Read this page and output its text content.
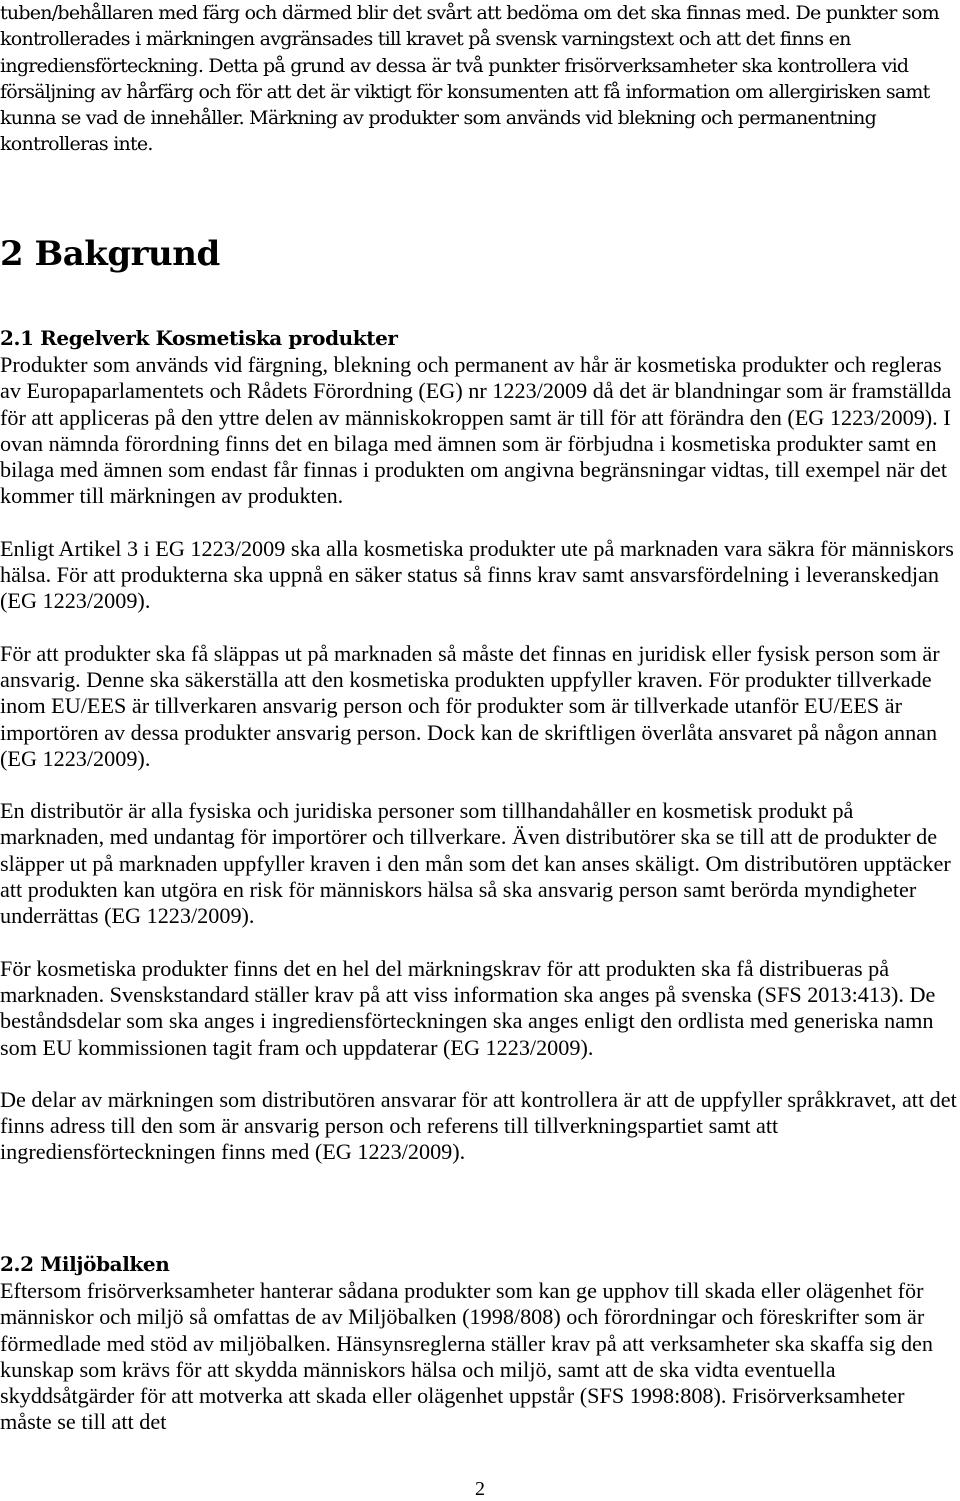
tuben/behållaren med färg och därmed blir det svårt att bedöma om det ska finnas med. De punkter som kontrollerades i märkningen avgränsades till kravet på svensk varningstext och att det finns en ingrediensförteckning. Detta på grund av dessa är två punkter frisörverksamheter ska kontrollera vid försäljning av hårfärg och för att det är viktigt för konsumenten att få information om allergirisken samt kunna se vad de innehåller. Märkning av produkter som används vid blekning och permanentning kontrolleras inte.

2 Bakgrund
2.1 Regelverk Kosmetiska produkter

Produkter som används vid färgning, blekning och permanent av hår är kosmetiska produkter och regleras av Europaparlamentets och Rådets Förordning (EG) nr 1223/2009 då det är blandningar som är framställda för att appliceras på den yttre delen av människokroppen samt är till för att förändra den (EG 1223/2009). I ovan nämnda förordning finns det en bilaga med ämnen som är förbjudna i kosmetiska produkter samt en bilaga med ämnen som endast får finnas i produkten om angivna begränsningar vidtas, till exempel när det kommer till märkningen av produkten.

Enligt Artikel 3 i EG 1223/2009 ska alla kosmetiska produkter ute på marknaden vara säkra för människors hälsa. För att produkterna ska uppnå en säker status så finns krav samt ansvarsfördelning i leveranskedjan (EG 1223/2009).

För att produkter ska få släppas ut på marknaden så måste det finnas en juridisk eller fysisk person som är ansvarig. Denne ska säkerställa att den kosmetiska produkten uppfyller kraven. För produkter tillverkade inom EU/EES är tillverkaren ansvarig person och för produkter som är tillverkade utanför EU/EES är importören av dessa produkter ansvarig person. Dock kan de skriftligen överlåta ansvaret på någon annan (EG 1223/2009).

En distributör är alla fysiska och juridiska personer som tillhandahåller en kosmetisk produkt på marknaden, med undantag för importörer och tillverkare. Även distributörer ska se till att de produkter de släpper ut på marknaden uppfyller kraven i den mån som det kan anses skäligt. Om distributören upptäcker att produkten kan utgöra en risk för människors hälsa så ska ansvarig person samt berörda myndigheter underrättas (EG 1223/2009).

För kosmetiska produkter finns det en hel del märkningskrav för att produkten ska få distribueras på marknaden. Svenskstandard ställer krav på att viss information ska anges på svenska (SFS 2013:413). De beståndsdelar som ska anges i ingrediensförteckningen ska anges enligt den ordlista med generiska namn som EU kommissionen tagit fram och uppdaterar (EG 1223/2009).

De delar av märkningen som distributören ansvarar för att kontrollera är att de uppfyller språkkravet, att det finns adress till den som är ansvarig person och referens till tillverkningspartiet samt att ingrediensförteckningen finns med (EG 1223/2009).

2.2 Miljöbalken

Eftersom frisörverksamheter hanterar sådana produkter som kan ge upphov till skada eller olägenhet för människor och miljö så omfattas de av Miljöbalken (1998/808) och förordningar och föreskrifter som är förmedlade med stöd av miljöbalken. Hänsynsreglerna ställer krav på att verksamheter ska skaffa sig den kunskap som krävs för att skydda människors hälsa och miljö, samt att de ska vidta eventuella skyddsåtgärder för att motverka att skada eller olägenhet uppstår (SFS 1998:808). Frisörverksamheter måste se till att det

2
